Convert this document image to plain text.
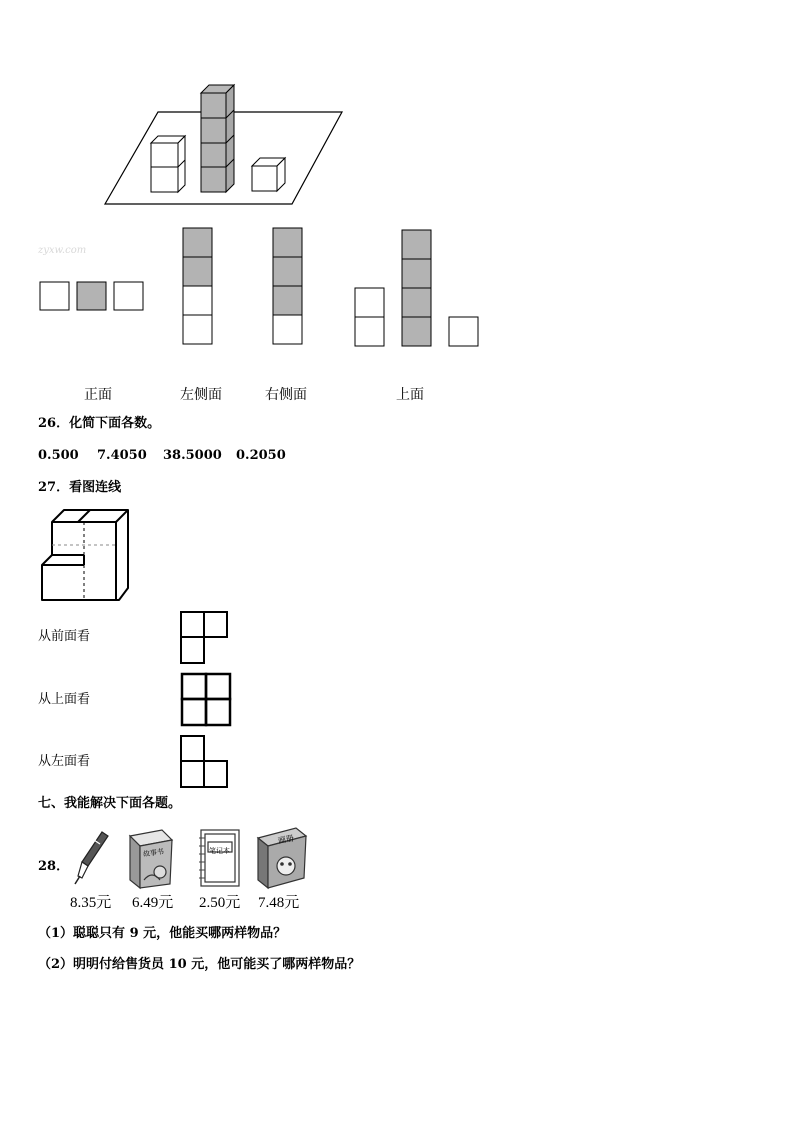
zyxw.com
正面	左侧面	右侧面	上面
26．化简下面各数。
0.500 7.4050 38.5000 0.2050
27．看图连线
从前面看
从上面看
从左面看
七、我能解决下面各题。
28．
故事书	笔记本
画册
8.35元 6.49元 2.50元 7.48元
（1）聪聪只有 9 元，他能买哪两样物品？
（2）明明付给售货员 10 元，他可能买了哪两样物品？
